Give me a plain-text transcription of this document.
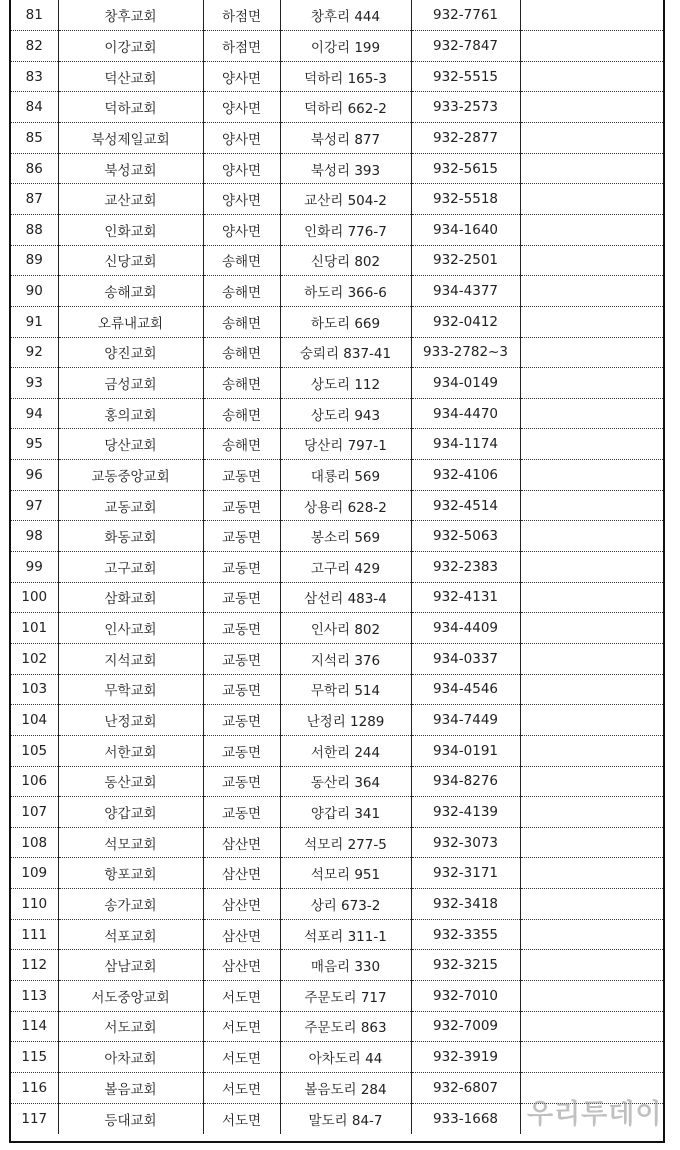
81	창후교회	하점면	창후리 444	932-7761	
82	이강교회	하점면	이강리 199	932-7847	
83	덕산교회	양사면	덕하리 165-3	932-5515	
84	덕하교회	양사면	덕하리 662-2	933-2573	
85	북성제일교회	양사면	북성리 877	932-2877	
86	북성교회	양사면	북성리 393	932-5615	
87	교산교회	양사면	교산리 504-2	932-5518	
88	인화교회	양사면	인화리 776-7	934-1640	
89	신당교회	송해면	신당리 802	932-2501	
90	송해교회	송해면	하도리 366-6	934-4377	
91	오류내교회	송해면	하도리 669	932-0412	
92	양진교회	송해면	숭뢰리 837-41	933-2782~3	
93	금성교회	송해면	상도리 112	934-0149	
94	홍의교회	송해면	상도리 943	934-4470	
95	당산교회	송해면	당산리 797-1	934-1174	
96	교동중앙교회	교동면	대룡리 569	932-4106	
97	교동교회	교동면	상용리 628-2	932-4514	
98	화동교회	교동면	봉소리 569	932-5063	
99	고구교회	교동면	고구리 429	932-2383	
100	삼화교회	교동면	삼선리 483-4	932-4131	
101	인사교회	교동면	인사리 802	934-4409	
102	지석교회	교동면	지석리 376	934-0337	
103	무학교회	교동면	무학리 514	934-4546	
104	난정교회	교동면	난정리 1289	934-7449	
105	서한교회	교동면	서한리 244	934-0191	
106	동산교회	교동면	동산리 364	934-8276	
107	양갑교회	교동면	양갑리 341	932-4139	
108	석모교회	삼산면	석모리 277-5	932-3073	
109	항포교회	삼산면	석모리 951	932-3171	
110	송가교회	삼산면	상리 673-2	932-3418	
111	석포교회	삼산면	석포리 311-1	932-3355	
112	삼남교회	삼산면	매음리 330	932-3215	
113	서도중앙교회	서도면	주문도리 717	932-7010	
114	서도교회	서도면	주문도리 863	932-7009	
115	아차교회	서도면	아차도리 44	932-3919	
116	볼음교회	서도면	볼음도리 284	932-6807	
117	등대교회	서도면	말도리 84-7	933-1668	우리투데이
